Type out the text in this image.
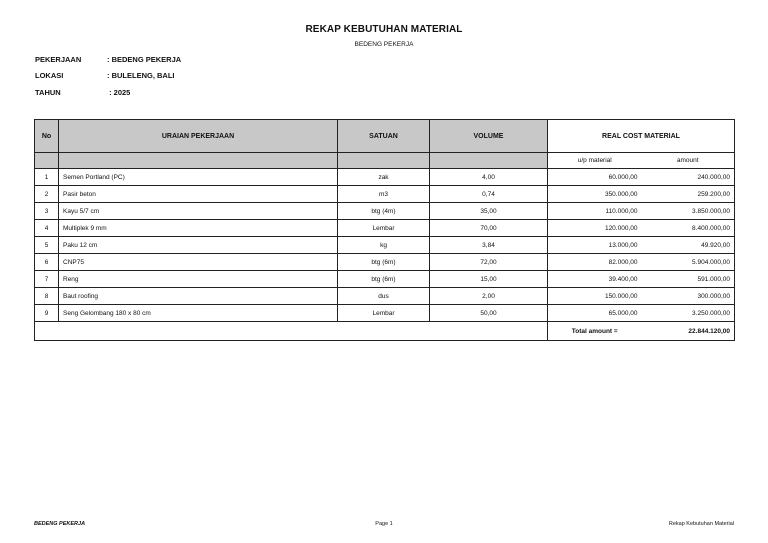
REKAP KEBUTUHAN MATERIAL
BEDENG PEKERJA
PEKERJAAN	: BEDENG PEKERJA
LOKASI	: BULELENG, BALI
TAHUN	: 2025
No	URAIAN PEKERJAAN	SATUAN	VOLUME	REAL COST MATERIAL	
				u/p material	amount
1	Semen Portland (PC)	zak	4,00	60.000,00	240.000,00
2	Pasir beton	m3	0,74	350.000,00	259.200,00
3	Kayu 5/7 cm	btg (4m)	35,00	110.000,00	3.850.000,00
4	Multiplek 9 mm	Lembar	70,00	120.000,00	8.400.000,00
5	Paku 12 cm	kg	3,84	13.000,00	49.920,00
6	CNP75	btg (6m)	72,00	82.000,00	5.904.000,00
7	Reng	btg (6m)	15,00	39.400,00	591.000,00
8	Baut roofing	dus	2,00	150.000,00	300.000,00
9	Seng Gelombang 180 x 80 cm	Lembar	50,00	65.000,00	3.250.000,00
				Total amount =	22.844.120,00
BEDENG PEKERJA	Page 1	Rekap Kebutuhan Material
